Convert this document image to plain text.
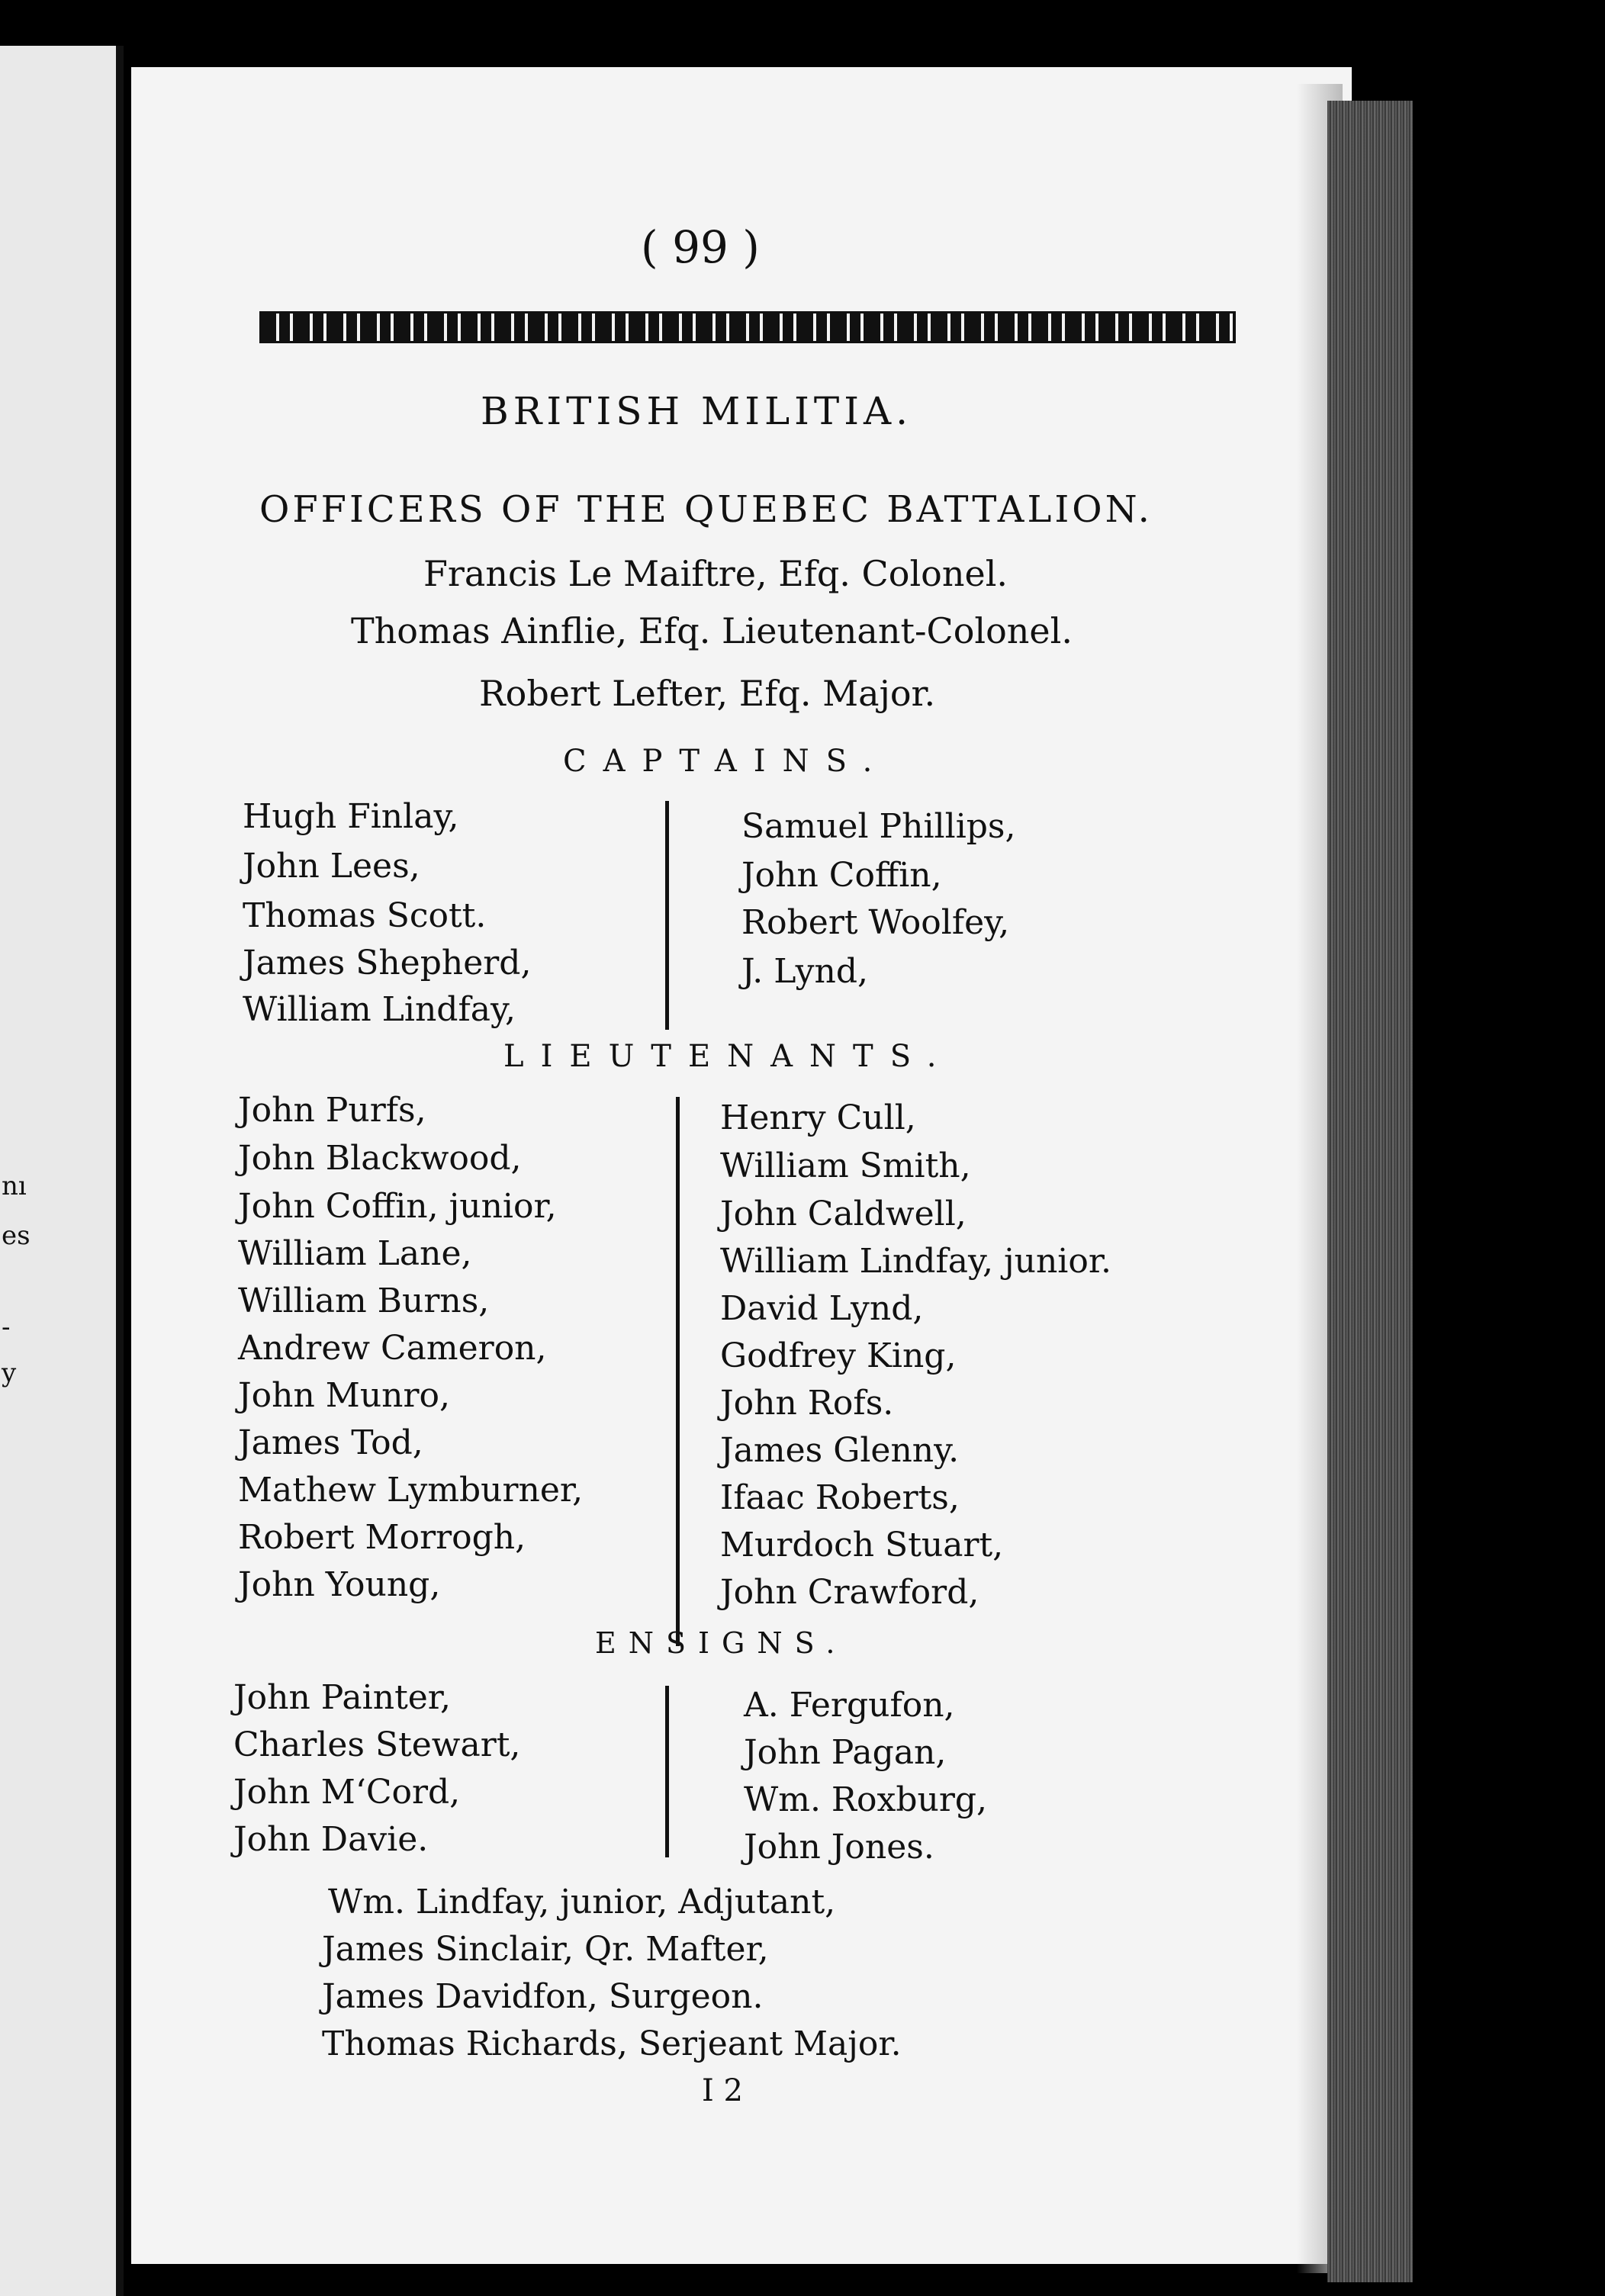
nı
es
-
y
( 99 )
BRITISH MILITIA.
OFFICERS OF THE QUEBEC BATTALION.
Francis Le Maiftre, Efq. Colonel.
Thomas Ainflie, Efq. Lieutenant-Colonel.
Robert Lefter, Efq. Major.
CAPTAINS.
Hugh Finlay,
John Lees,
Thomas Scott.
James Shepherd,
William Lindfay,
Samuel Phillips,
John Coffin,
Robert Woolfey,
J. Lynd,
LIEUTENANTS.
John Purfs,
John Blackwood,
John Coffin, junior,
William Lane,
William Burns,
Andrew Cameron,
John Munro,
James Tod,
Mathew Lymburner,
Robert Morrogh,
John Young,
Henry Cull,
William Smith,
John Caldwell,
William Lindfay, junior.
David Lynd,
Godfrey King,
John Rofs.
James Glenny.
Ifaac Roberts,
Murdoch Stuart,
John Crawford,
ENSIGNS.
John Painter,
Charles Stewart,
John M‘Cord,
John Davie.
A. Fergufon,
John Pagan,
Wm. Roxburg,
John Jones.
Wm. Lindfay, junior, Adjutant,
James Sinclair, Qr. Mafter,
James Davidfon, Surgeon.
Thomas Richards, Serjeant Major.
I 2
